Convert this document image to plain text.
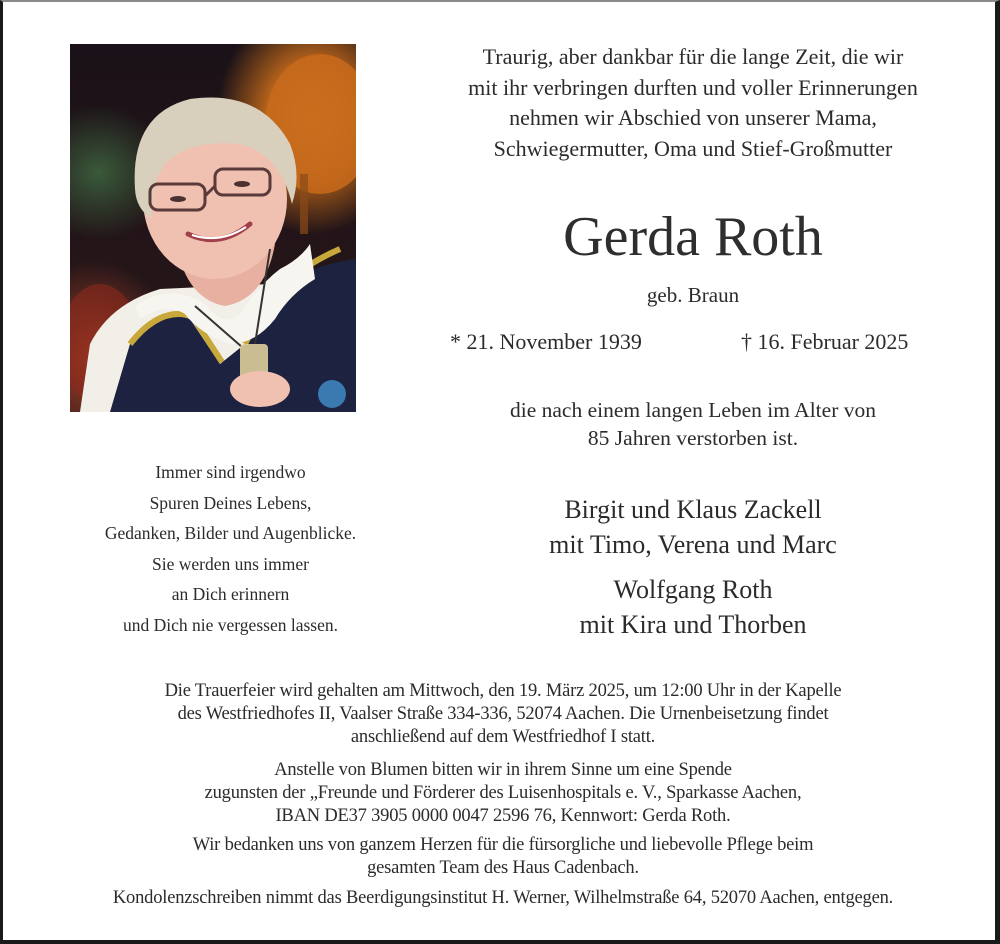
Traurig, aber dankbar für die lange Zeit, die wir
mit ihr verbringen durften und voller Erinnerungen
nehmen wir Abschied von unserer Mama,
Schwiegermutter, Oma und Stief-Großmutter
Gerda Roth
geb. Braun
* 21. November 1939	† 16. Februar 2025
die nach einem langen Leben im Alter von
85 Jahren verstorben ist.
Birgit und Klaus Zackell
mit Timo, Verena und Marc
Wolfgang Roth
mit Kira und Thorben
Immer sind irgendwo
Spuren Deines Lebens,
Gedanken, Bilder und Augenblicke.
Sie werden uns immer
an Dich erinnern
und Dich nie vergessen lassen.
Die Trauerfeier wird gehalten am Mittwoch, den 19. März 2025, um 12:00 Uhr in der Kapelle
des Westfriedhofes II, Vaalser Straße 334-336, 52074 Aachen. Die Urnenbeisetzung findet
anschließend auf dem Westfriedhof I statt.
Anstelle von Blumen bitten wir in ihrem Sinne um eine Spende
zugunsten der „Freunde und Förderer des Luisenhospitals e. V., Sparkasse Aachen,
IBAN DE37 3905 0000 0047 2596 76, Kennwort: Gerda Roth.
Wir bedanken uns von ganzem Herzen für die fürsorgliche und liebevolle Pflege beim
gesamten Team des Haus Cadenbach.
Kondolenzschreiben nimmt das Beerdigungsinstitut H. Werner, Wilhelmstraße 64, 52070 Aachen, entgegen.
